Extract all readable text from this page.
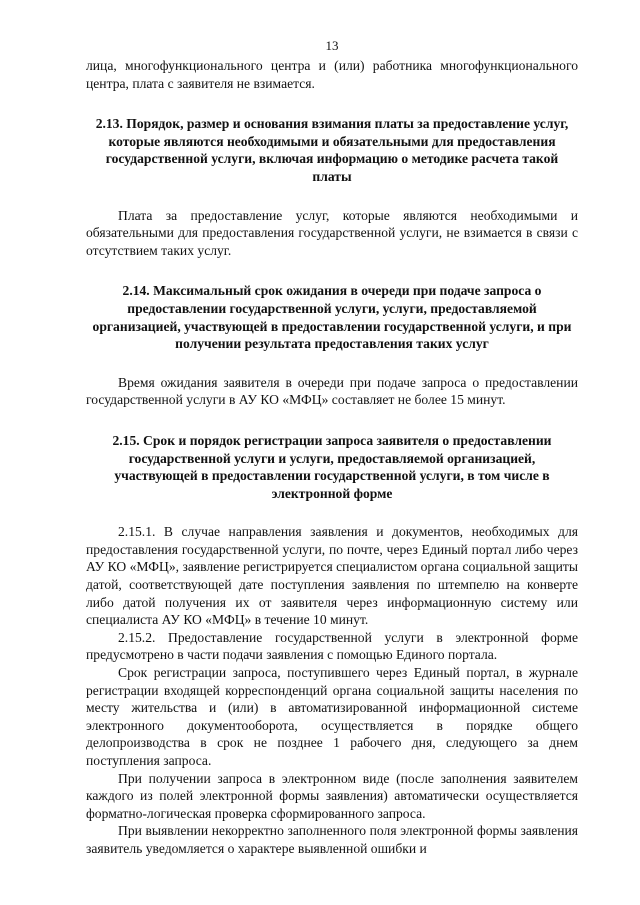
13

лица, многофункционального центра и (или) работника многофункционального центра, плата с заявителя не взимается.

2.13. Порядок, размер и основания взимания платы за предоставление услуг, которые являются необходимыми и обязательными для предоставления государственной услуги, включая информацию о методике расчета такой платы

Плата за предоставление услуг, которые являются необходимыми и обязательными для предоставления государственной услуги, не взимается в связи с отсутствием таких услуг.

2.14. Максимальный срок ожидания в очереди при подаче запроса о предоставлении государственной услуги, услуги, предоставляемой организацией, участвующей в предоставлении государственной услуги, и при получении результата предоставления таких услуг

Время ожидания заявителя в очереди при подаче запроса о предоставлении государственной услуги в АУ КО «МФЦ» составляет не более 15 минут.

2.15. Срок и порядок регистрации запроса заявителя о предоставлении государственной услуги и услуги, предоставляемой организацией, участвующей в предоставлении государственной услуги, в том числе в электронной форме

2.15.1. В случае направления заявления и документов, необходимых для предоставления государственной услуги, по почте, через Единый портал либо через АУ КО «МФЦ», заявление регистрируется специалистом органа социальной защиты датой, соответствующей дате поступления заявления по штемпелю на конверте либо датой получения их от заявителя через информационную систему или специалиста АУ КО «МФЦ» в течение 10 минут.

2.15.2. Предоставление государственной услуги в электронной форме предусмотрено в части подачи заявления с помощью Единого портала.

Срок регистрации запроса, поступившего через Единый портал, в журнале регистрации входящей корреспонденций органа социальной защиты населения по месту жительства и (или) в автоматизированной информационной системе электронного документооборота, осуществляется в порядке общего делопроизводства в срок не позднее 1 рабочего дня, следующего за днем поступления запроса.

При получении запроса в электронном виде (после заполнения заявителем каждого из полей электронной формы заявления) автоматически осуществляется форматно-логическая проверка сформированного запроса.

При выявлении некорректно заполненного поля электронной формы заявления заявитель уведомляется о характере выявленной ошибки и
